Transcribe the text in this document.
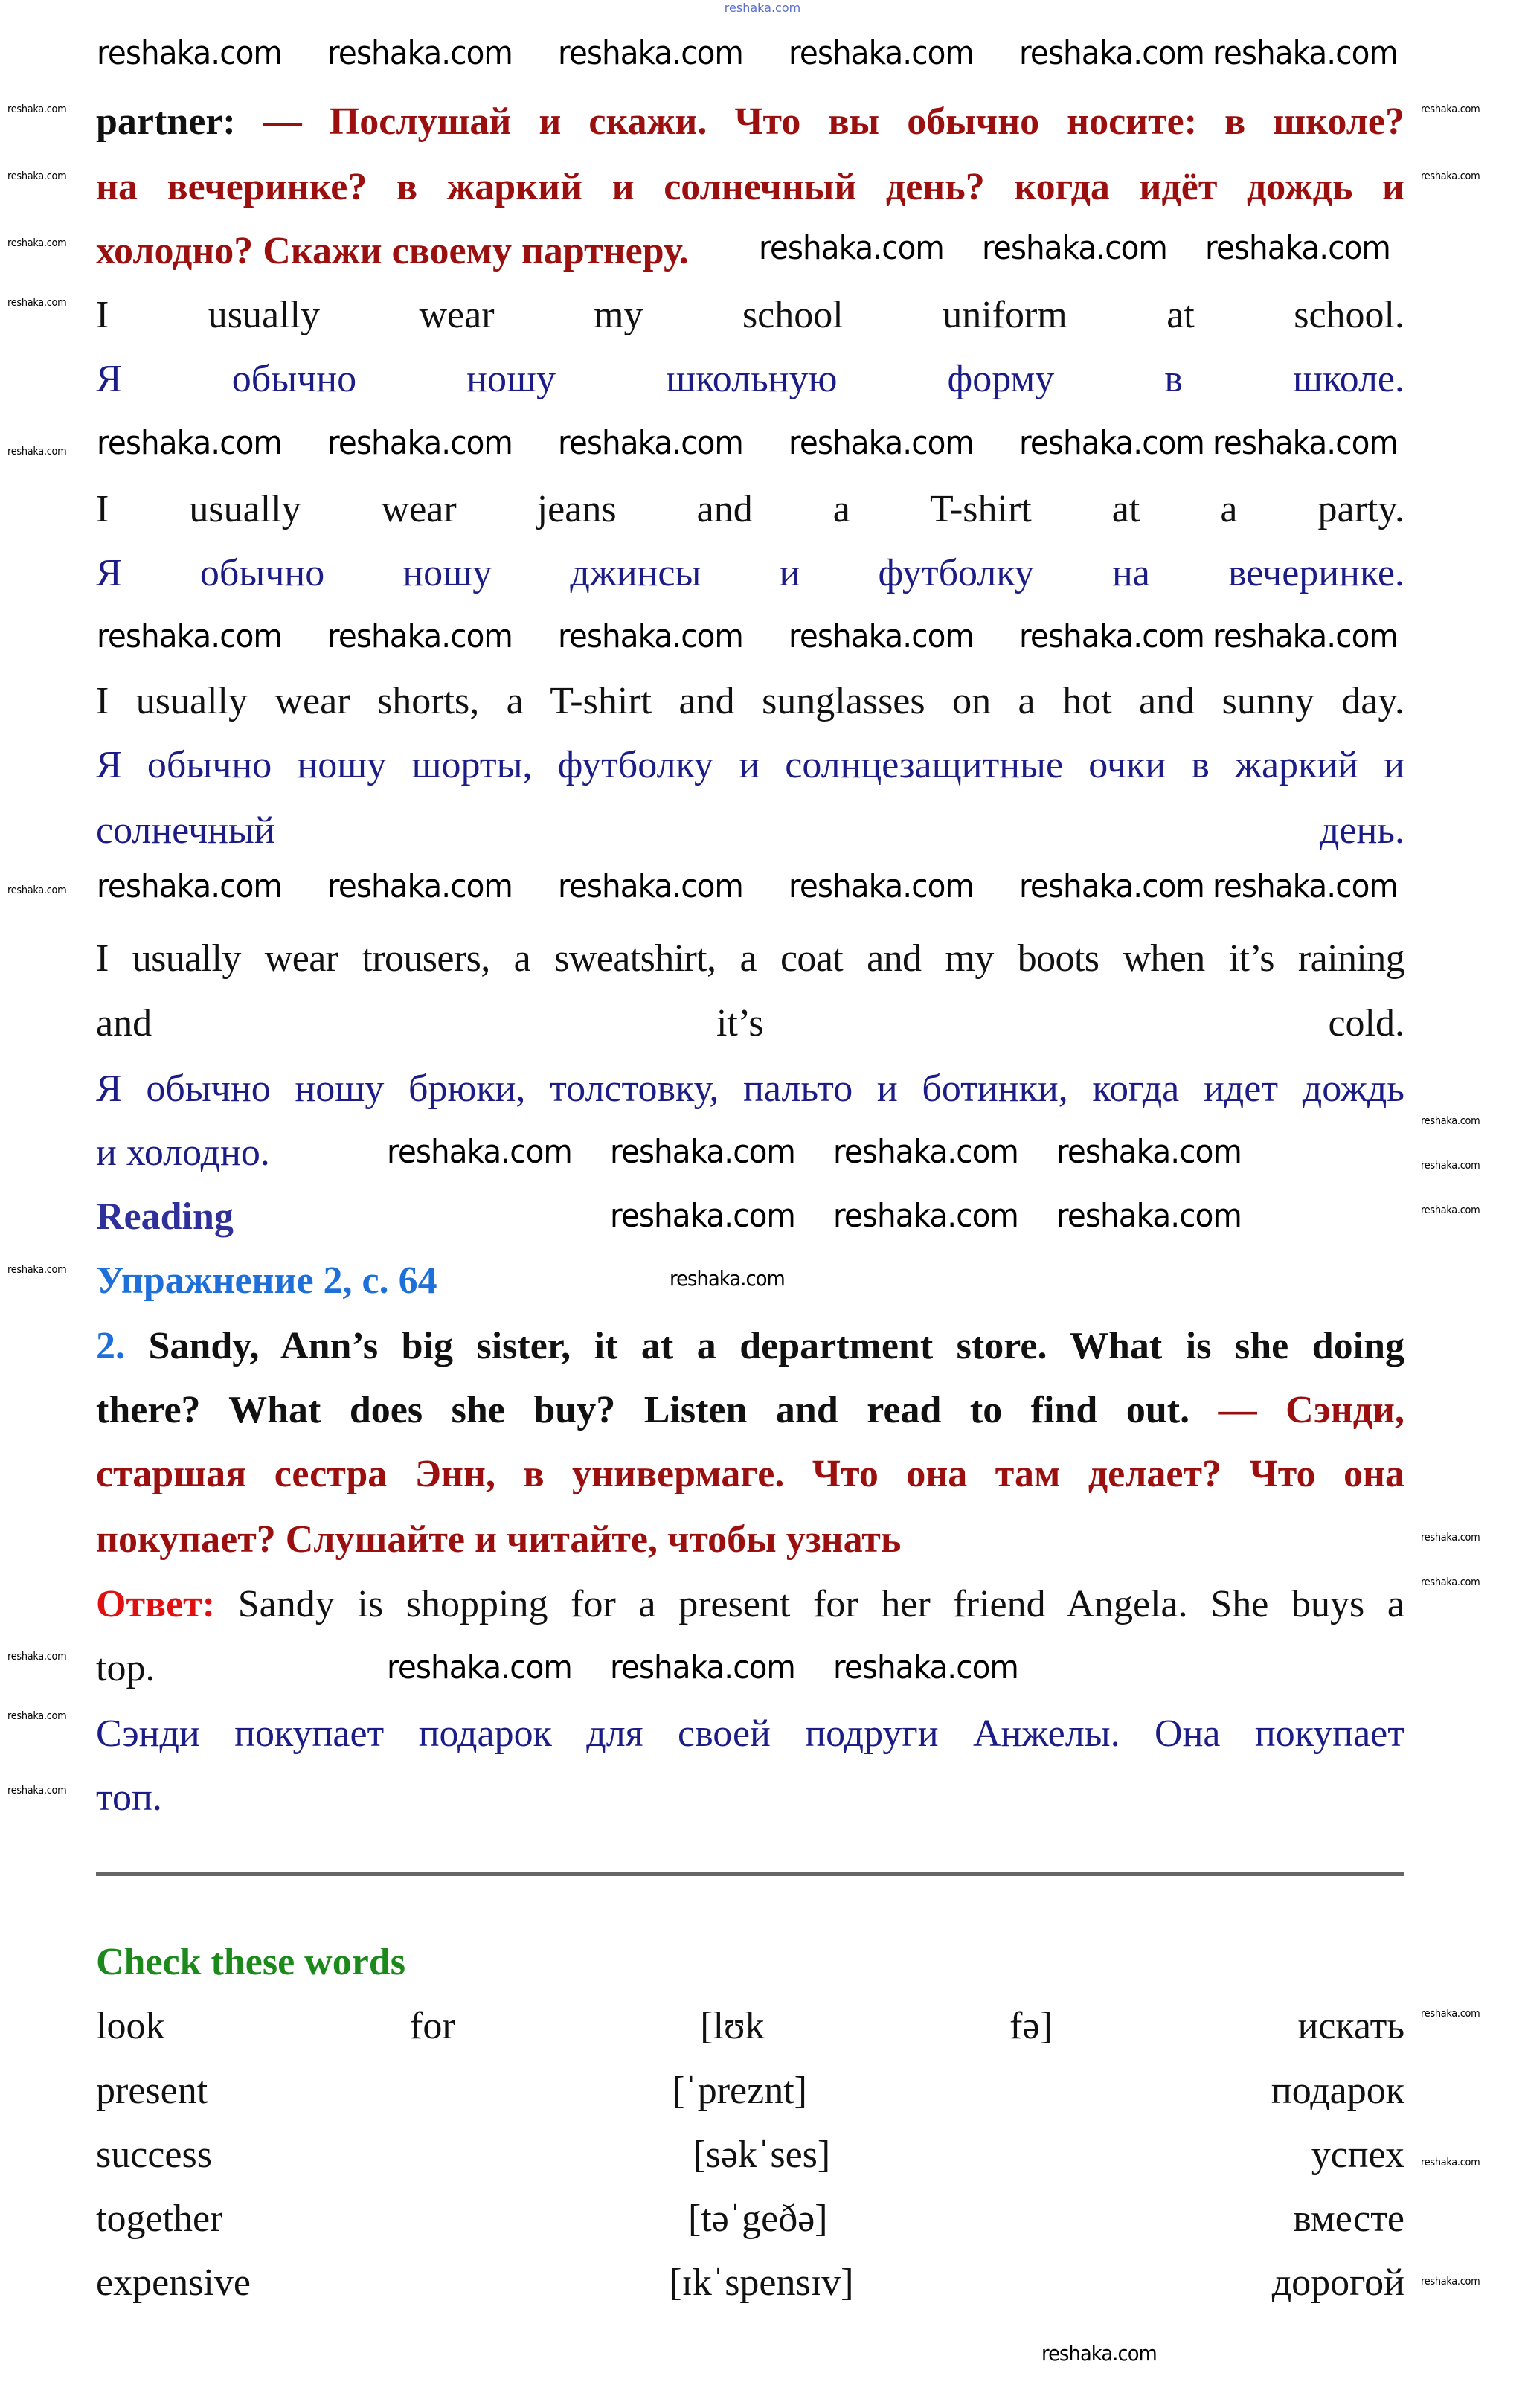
reshaka.com
partner: — Послушай и скажи. Что вы обычно носите: в школе?
на вечеринке? в жаркий и солнечный день? когда идёт дождь и
холодно? Скажи своему партнеру.
I usually wear my school uniform at school.
Я обычно ношу школьную форму в школе.
I usually wear jeans and a T-shirt at a party.
Я обычно ношу джинсы и футболку на вечеринке.
I usually wear shorts, a T-shirt and sunglasses on a hot and sunny day.
Я обычно ношу шорты, футболку и солнцезащитные очки в жаркий и
солнечный день.
I usually wear trousers, a sweatshirt, a coat and my boots when it’s raining
and it’s cold.
Я обычно ношу брюки, толстовку, пальто и ботинки, когда идет дождь
и холодно.
Reading
Упражнение 2, с. 64
2. Sandy, Ann’s big sister, it at a department store. What is she doing
there? What does she buy? Listen and read to find out. — Сэнди,
старшая сестра Энн, в универмаге. Что она там делает? Что она
покупает? Слушайте и читайте, чтобы узнать
Ответ: Sandy is shopping for a present for her friend Angela. She buys a
top.
Сэнди покупает подарок для своей подруги Анжелы. Она покупает
топ.
Check these words
look for	[lʊk fə]	искать
present	[ˈpreznt]	подарок
success	[səkˈses]	успех
together	[təˈgeðə]	вместе
expensive	[ɪkˈspensɪv]	дорогой
reshaka.com reshaka.com reshaka.com reshaka.com reshaka.com reshaka.com
reshaka.com reshaka.com reshaka.com reshaka.com reshaka.com reshaka.com
reshaka.com reshaka.com reshaka.com reshaka.com reshaka.com reshaka.com
reshaka.com reshaka.com reshaka.com reshaka.com reshaka.com reshaka.com
reshaka.com reshaka.com reshaka.com
reshaka.com reshaka.com reshaka.com reshaka.com
reshaka.com reshaka.com reshaka.com
reshaka.com reshaka.com reshaka.com
reshaka.com
reshaka.com
reshaka.com
reshaka.com
reshaka.com
reshaka.com
reshaka.com
reshaka.com
reshaka.com
reshaka.com
reshaka.com
reshaka.com
reshaka.com
reshaka.com
reshaka.com
reshaka.com
reshaka.com
reshaka.com
reshaka.com
reshaka.com
reshaka.com
reshaka.com
